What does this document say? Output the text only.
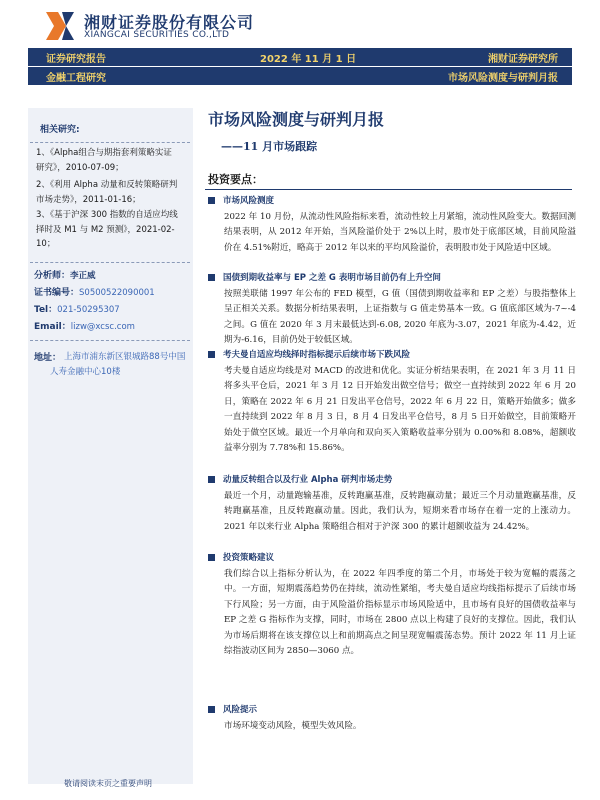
湘财证券股份有限公司
XIANGCAI SECURITIES CO.,LTD
证券研究报告	2022 年 11 月 1 日	湘财证券研究所
金融工程研究	市场风险测度与研判月报
相关研究:
1、《Alpha组合与期指套利策略实证研究》，2010-07-09；
2、《利用 Alpha 动量和反转策略研判市场走势》，2011-01-16；
3、《基于沪深 300 指数的自适应均线择时及 M1 与 M2 预测》，2021-02-10；
分析师：李正威
证书编号：S0500522090001
Tel：021-50295307
Email：lizw@xcsc.com
地址： 上海市浦东新区银城路88号中国人寿金融中心10楼
市场风险测度与研判月报
——11 月市场跟踪
投资要点：
市场风险测度
2022 年 10 月份，从流动性风险指标来看，流动性较上月紧缩，流动性风险变大。数据回测结果表明，从 2012 年开始，当风险溢价处于 2%以上时，股市处于底部区域，目前风险溢价在 4.51%附近，略高于 2012 年以来的平均风险溢价，表明股市处于风险适中区域。
国债到期收益率与 EP 之差 G 表明市场目前仍有上升空间
按照美联储 1997 年公布的 FED 模型，G 值（国债到期收益率和 EP 之差）与股指整体上呈正相关关系。数据分析结果表明，上证指数与 G 值走势基本一致。G 值底部区域为-7~-4 之间。G 值在 2020 年 3 月末最低达到-6.08, 2020 年底为-3.07，2021 年底为-4.42，近期为-6.16，目前仍处于较低区域。
考夫曼自适应均线择时指标提示后续市场下跌风险
考夫曼自适应均线是对 MACD 的改进和优化。实证分析结果表明，在 2021 年 3 月 11 日将多头平仓后，2021 年 3 月 12 日开始发出做空信号；做空一直持续到 2022 年 6 月 20 日，策略在 2022 年 6 月 21 日发出平仓信号，2022 年 6 月 22 日，策略开始做多；做多一直持续到 2022 年 8 月 3 日，8 月 4 日发出平仓信号，8 月 5 日开始做空，目前策略开始处于做空区域。最近一个月单向和双向买入策略收益率分别为 0.00%和 8.08%，超额收益率分别为 7.78%和 15.86%。
动量反转组合以及行业 Alpha 研判市场走势
最近一个月，动量跑输基准，反转跑赢基准，反转跑赢动量；最近三个月动量跑赢基准，反转跑赢基准，且反转跑赢动量。因此，我们认为，短期来看市场存在着一定的上涨动力。2021 年以来行业 Alpha 策略组合相对于沪深 300 的累计超额收益为 24.42%。
投资策略建议
我们综合以上指标分析认为，在 2022 年四季度的第二个月，市场处于较为宽幅的震荡之中。一方面，短期震荡趋势仍在持续，流动性紧缩，考夫曼自适应均线指标提示了后续市场下行风险；另一方面，由于风险溢价指标显示市场风险适中，且市场有良好的国债收益率与 EP 之差 G 指标作为支撑，同时，市场在 2800 点以上构建了良好的支撑位。因此，我们认为市场后期将在该支撑位以上和前期高点之间呈现宽幅震荡态势。预计 2022 年 11 月上证综指波动区间为 2850—3060 点。
风险提示
市场环境变动风险，模型失效风险。
敬请阅读末页之重要声明
